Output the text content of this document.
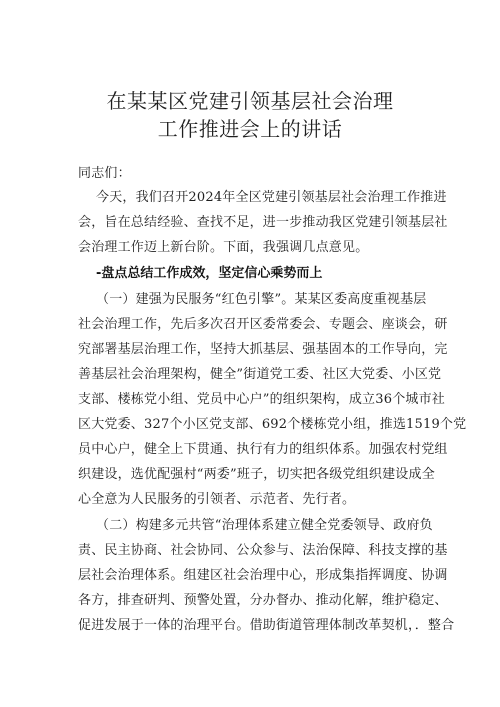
在某某区党建引领基层社会治理
工作推进会上的讲话
同志们：
今天，我们召开2024年全区党建引领基层社会治理工作推进
会，旨在总结经验、查找不足，进一步推动我区党建引领基层社
会治理工作迈上新台阶。下面，我强调几点意见。
-盘点总结工作成效，坚定信心乘势而上
（一）建强为民服务“红色引擎”。某某区委高度重视基层
社会治理工作，先后多次召开区委常委会、专题会、座谈会，研
究部署基层治理工作，坚持大抓基层、强基固本的工作导向，完
善基层社会治理架构，健全”街道党工委、社区大党委、小区党
支部、楼栋党小组、党员中心户”的组织架构，成立36个城市社
区大党委、327个小区党支部、692个楼栋党小组，推选1519个党
员中心户，健全上下贯通、执行有力的组织体系。加强农村党组
织建设，选优配强村“两委”班子，切实把各级党组织建设成全
心全意为人民服务的引领者、示范者、先行者。
（二）构建多元共管“治理体系建立健全党委领导、政府负
责、民主协商、社会协同、公众参与、法治保障、科技支撑的基
层社会治理体系。组建区社会治理中心，形成集指挥调度、协调
各方，排查研判、预警处置，分办督办、推动化解，维护稳定、
促进发展于一体的治理平台。借助街道管理体制改革契机，．整合
